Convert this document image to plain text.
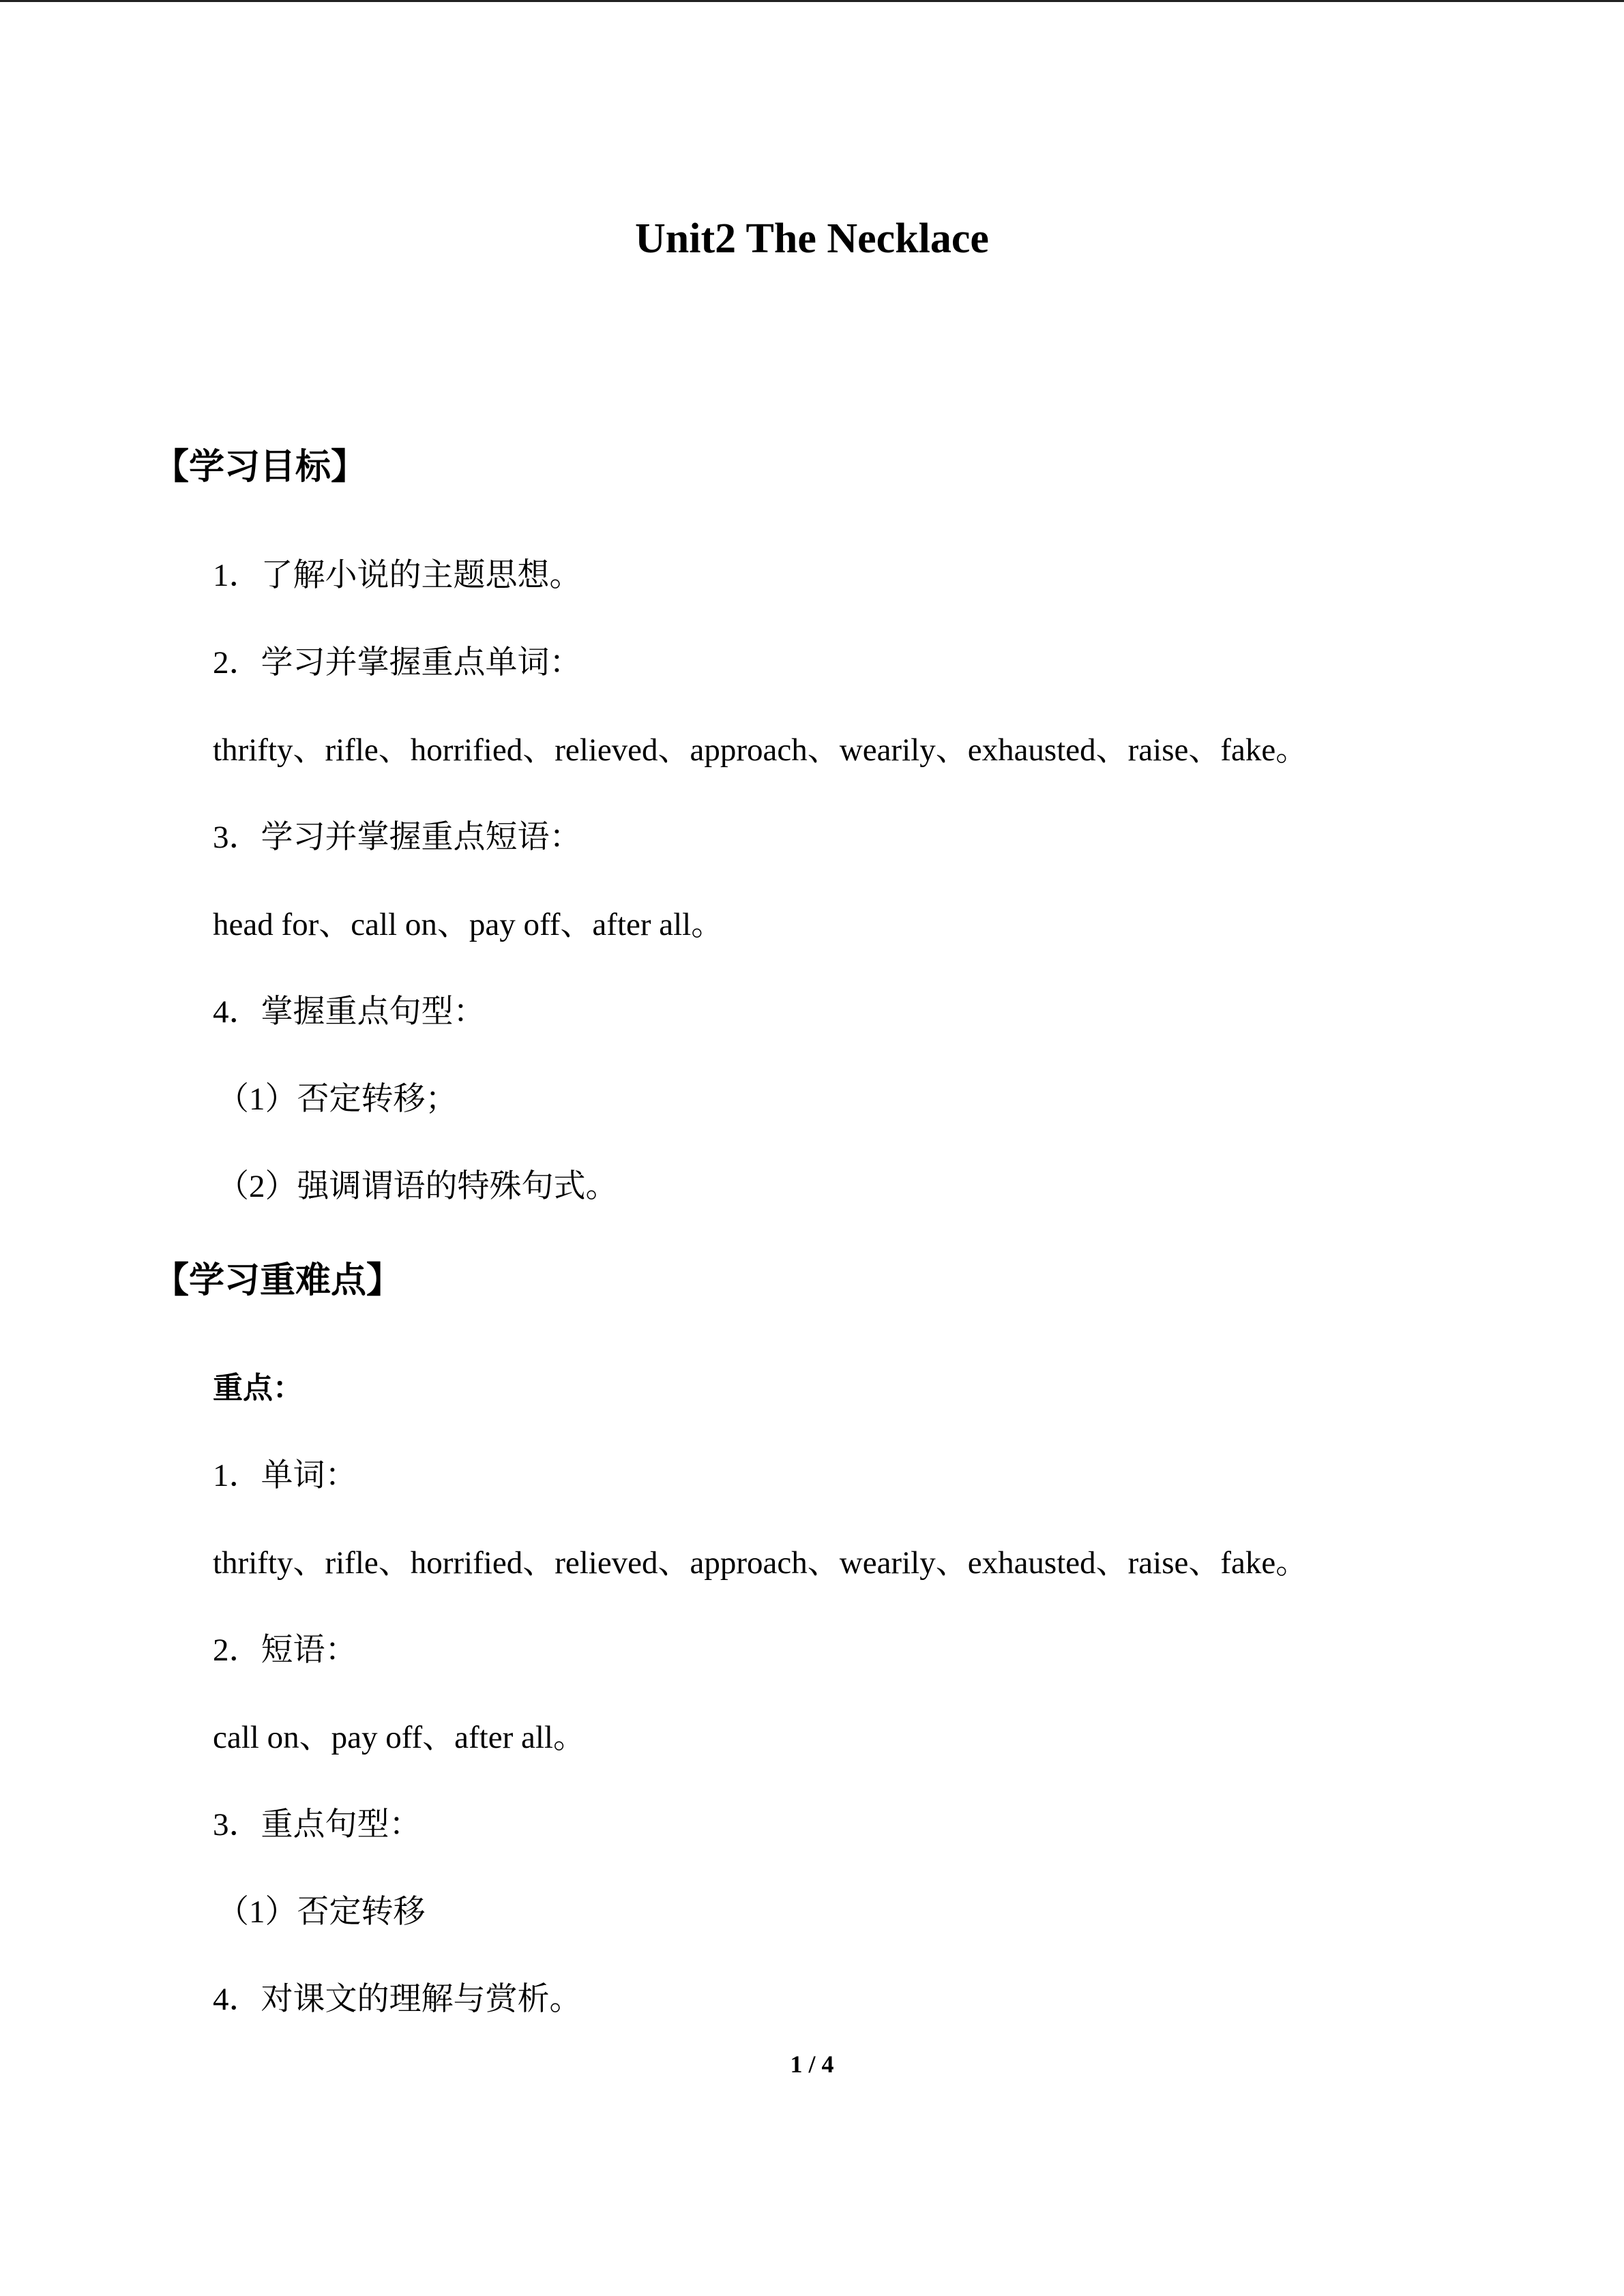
Unit2 The Necklace
【学习目标】
1．了解小说的主题思想。
2．学习并掌握重点单词：
thrifty、rifle、horrified、relieved、approach、wearily、exhausted、raise、fake。
3．学习并掌握重点短语：
head for、call on、pay off、after all。
4．掌握重点句型：
（1）否定转移；
（2）强调谓语的特殊句式。
【学习重难点】
重点：
1．单词：
thrifty、rifle、horrified、relieved、approach、wearily、exhausted、raise、fake。
2．短语：
call on、pay off、after all。
3．重点句型：
（1）否定转移
4．对课文的理解与赏析。
1 / 4
